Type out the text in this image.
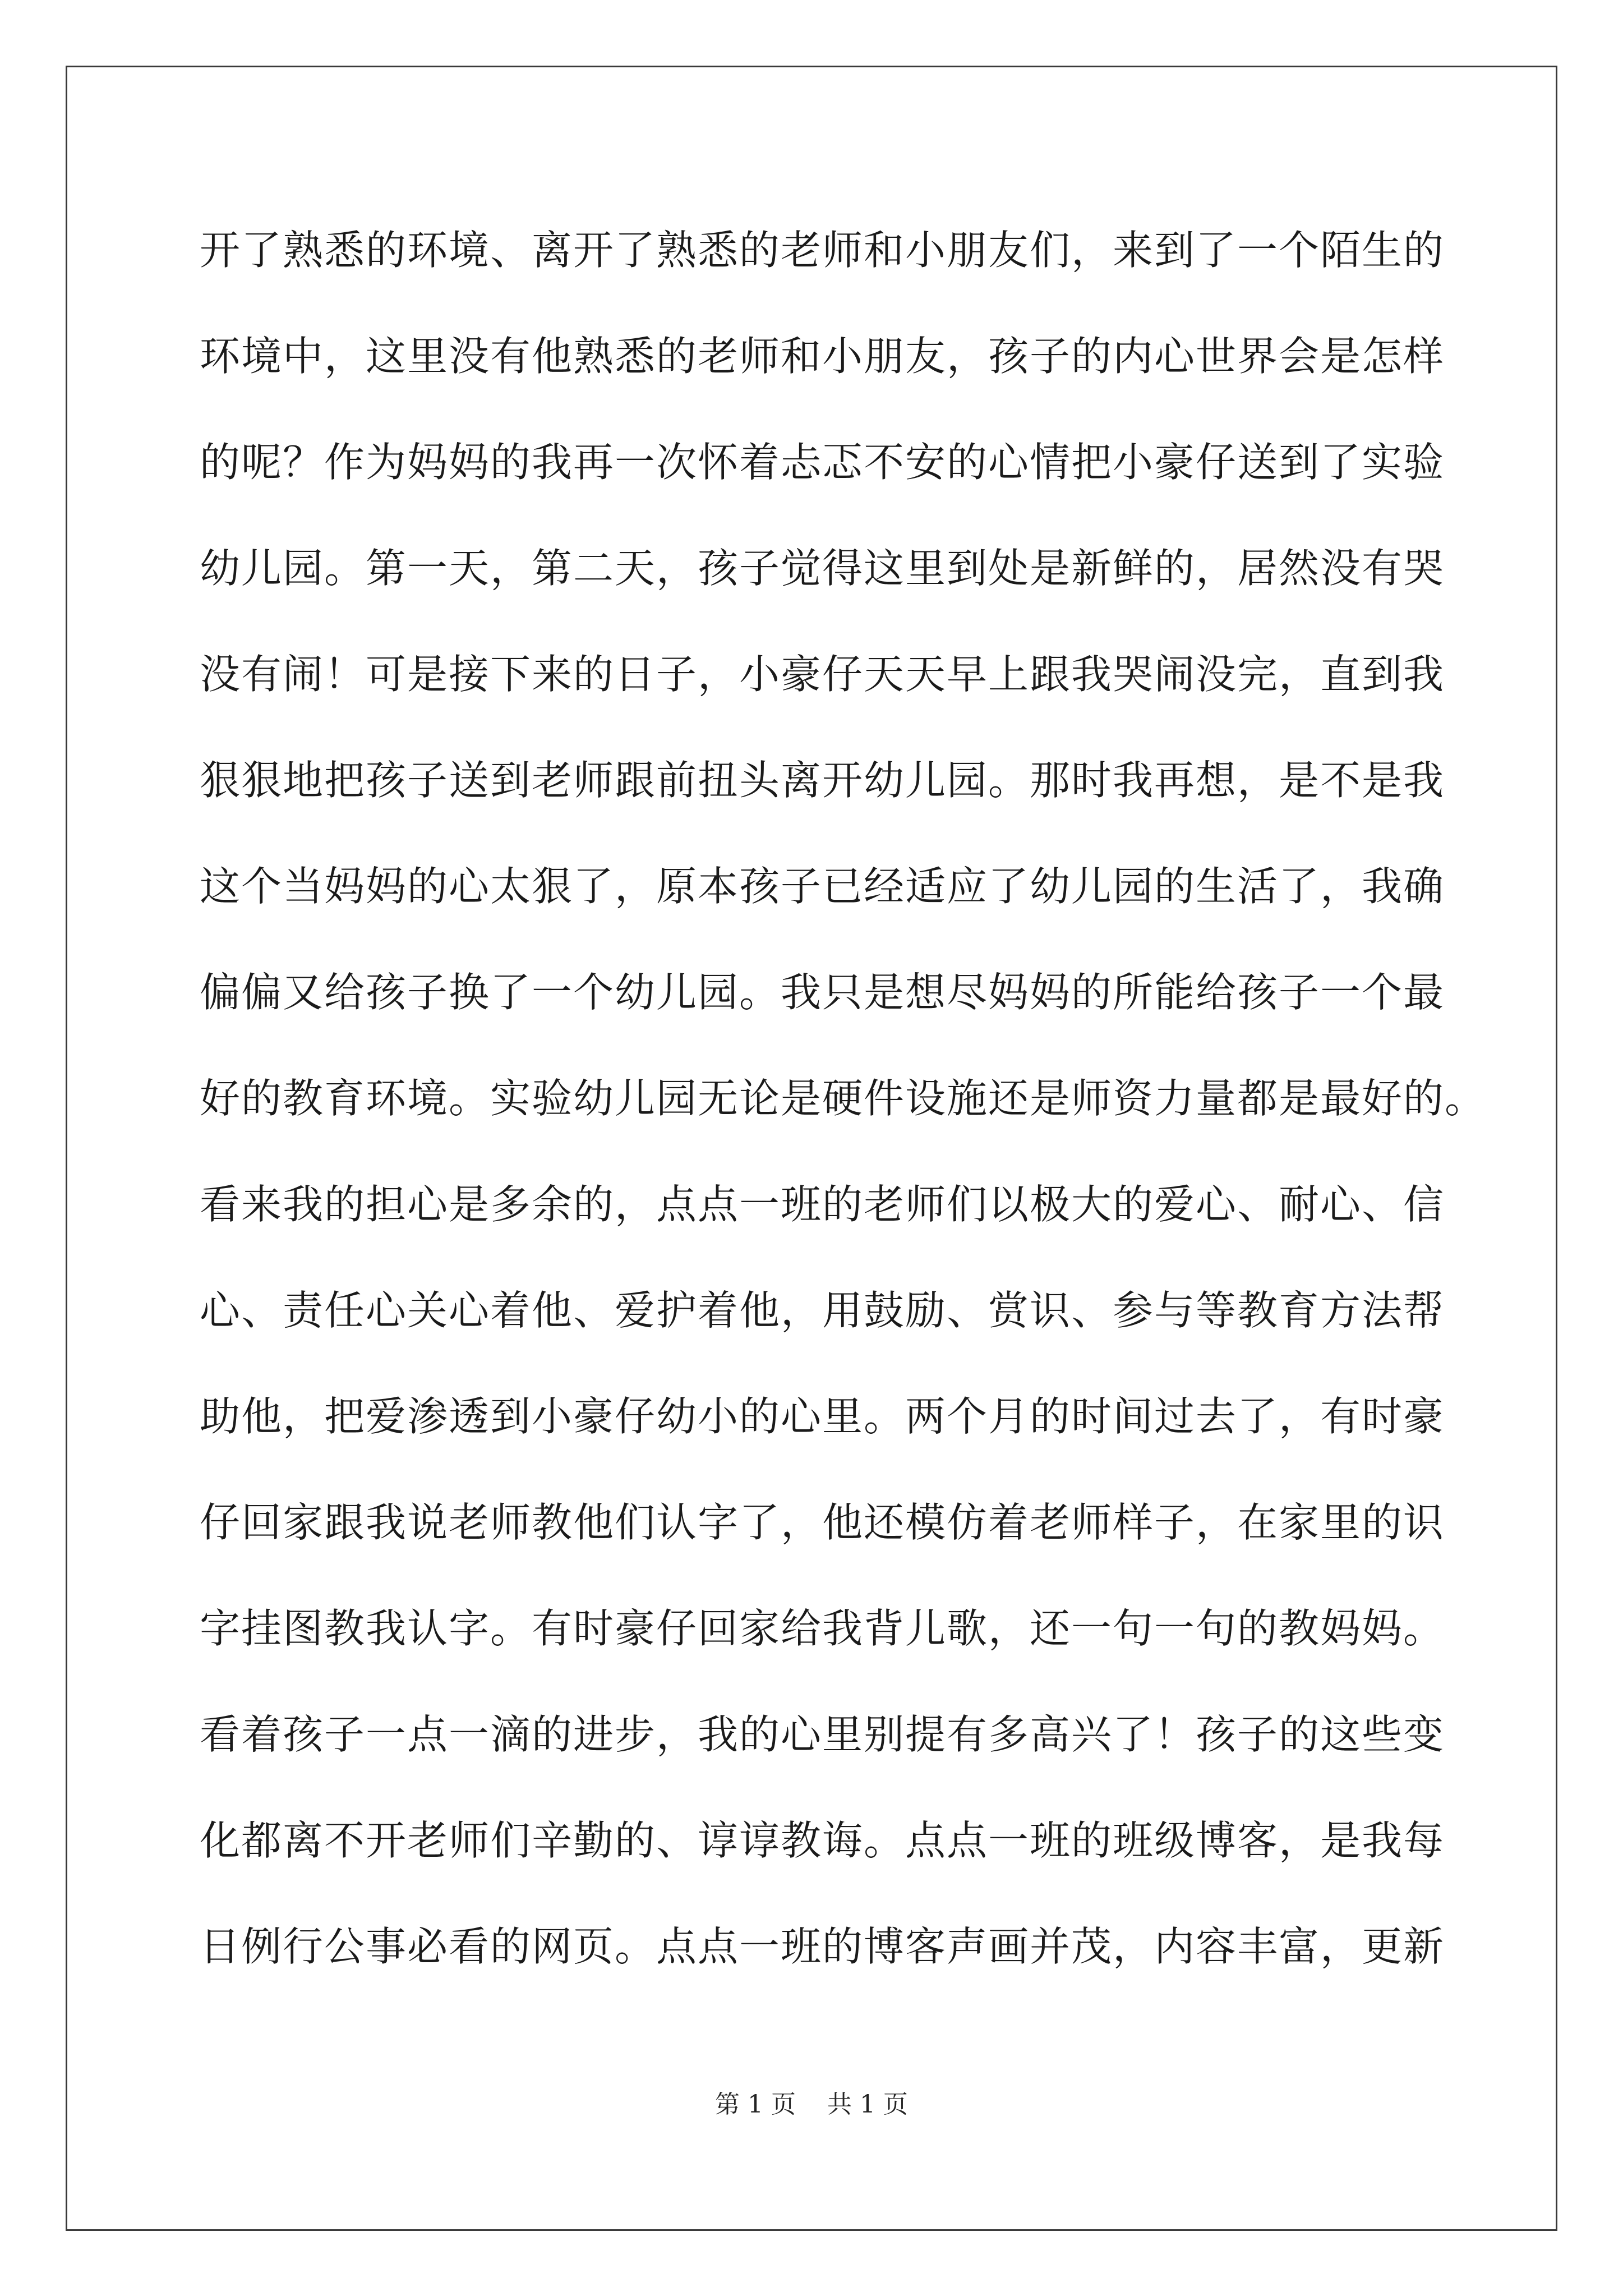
开了熟悉的环境、离开了熟悉的老师和小朋友们，来到了一个陌生的
环境中，这里没有他熟悉的老师和小朋友，孩子的内心世界会是怎样
的呢？作为妈妈的我再一次怀着忐忑不安的心情把小豪仔送到了实验
幼儿园。第一天，第二天，孩子觉得这里到处是新鲜的，居然没有哭
没有闹！可是接下来的日子，小豪仔天天早上跟我哭闹没完，直到我
狠狠地把孩子送到老师跟前扭头离开幼儿园。那时我再想，是不是我
这个当妈妈的心太狠了，原本孩子已经适应了幼儿园的生活了，我确
偏偏又给孩子换了一个幼儿园。我只是想尽妈妈的所能给孩子一个最
好的教育环境。实验幼儿园无论是硬件设施还是师资力量都是最好的。
看来我的担心是多余的，点点一班的老师们以极大的爱心、耐心、信
心、责任心关心着他、爱护着他，用鼓励、赏识、参与等教育方法帮
助他，把爱渗透到小豪仔幼小的心里。两个月的时间过去了，有时豪
仔回家跟我说老师教他们认字了，他还模仿着老师样子，在家里的识
字挂图教我认字。有时豪仔回家给我背儿歌，还一句一句的教妈妈。
看着孩子一点一滴的进步，我的心里别提有多高兴了！孩子的这些变
化都离不开老师们辛勤的、谆谆教诲。点点一班的班级博客，是我每
日例行公事必看的网页。点点一班的博客声画并茂，内容丰富，更新
第 1 页 共 1 页
